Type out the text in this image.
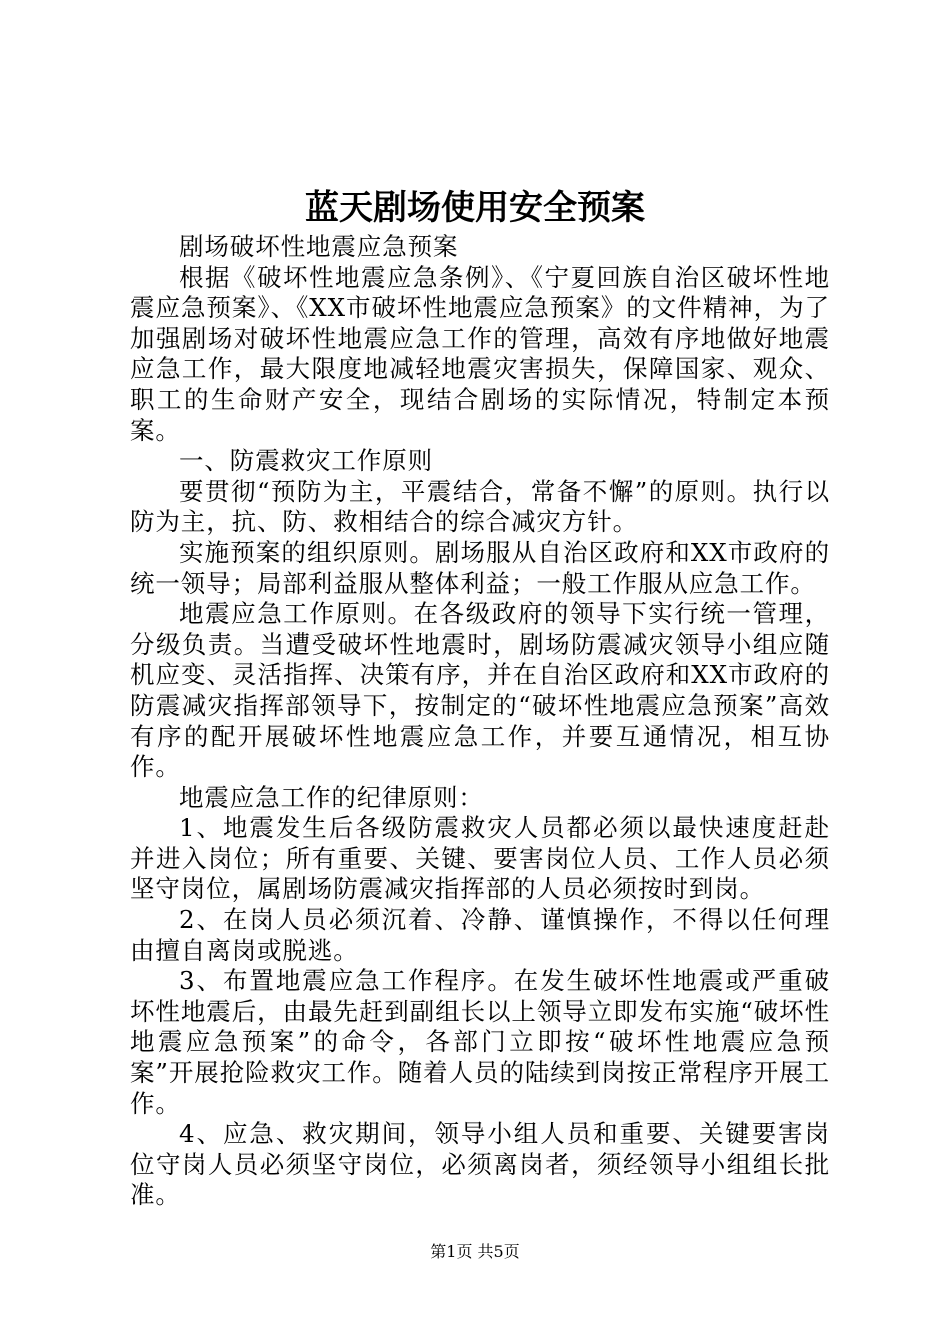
蓝天剧场使用安全预案

剧场破坏性地震应急预案

根据《破坏性地震应急条例》、《宁夏回族自治区破坏性地震应急预案》、《XX市破坏性地震应急预案》的文件精神，为了加强剧场对破坏性地震应急工作的管理，高效有序地做好地震应急工作，最大限度地减轻地震灾害损失，保障国家、观众、职工的生命财产安全，现结合剧场的实际情况，特制定本预案。

一、防震救灾工作原则

要贯彻“预防为主，平震结合，常备不懈”的原则。执行以防为主，抗、防、救相结合的综合减灾方针。

实施预案的组织原则。剧场服从自治区政府和XX市政府的统一领导；局部利益服从整体利益；一般工作服从应急工作。

地震应急工作原则。在各级政府的领导下实行统一管理，分级负责。当遭受破坏性地震时，剧场防震减灾领导小组应随机应变、灵活指挥、决策有序，并在自治区政府和XX市政府的防震减灾指挥部领导下，按制定的“破坏性地震应急预案”高效有序的配开展破坏性地震应急工作，并要互通情况，相互协作。

地震应急工作的纪律原则：

1、地震发生后各级防震救灾人员都必须以最快速度赶赴并进入岗位；所有重要、关键、要害岗位人员、工作人员必须坚守岗位，属剧场防震减灾指挥部的人员必须按时到岗。

2、在岗人员必须沉着、冷静、谨慎操作，不得以任何理由擅自离岗或脱逃。

3、布置地震应急工作程序。在发生破坏性地震或严重破坏性地震后，由最先赶到副组长以上领导立即发布实施“破坏性地震应急预案”的命令，各部门立即按“破坏性地震应急预案”开展抢险救灾工作。随着人员的陆续到岗按正常程序开展工作。

4、应急、救灾期间，领导小组人员和重要、关键要害岗位守岗人员必须坚守岗位，必须离岗者，须经领导小组组长批准。

第1页 共5页
